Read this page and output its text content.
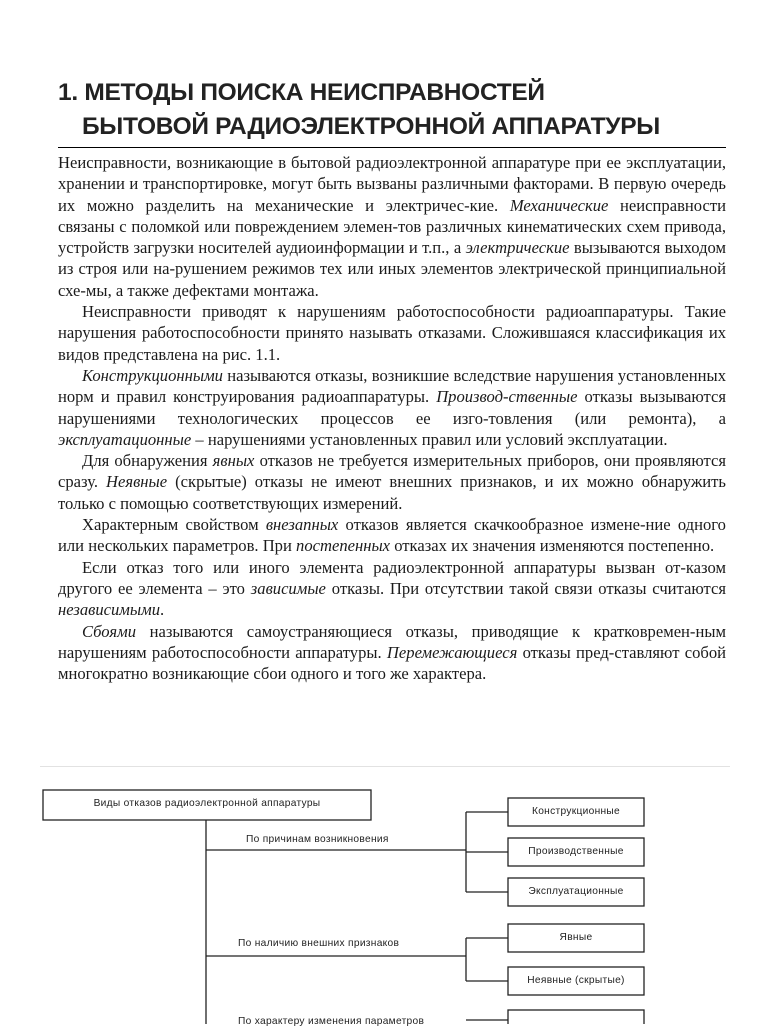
1. МЕТОДЫ ПОИСКА НЕИСПРАВНОСТЕЙ
БЫТОВОЙ РАДИОЭЛЕКТРОННОЙ АППАРАТУРЫ

Неисправности, возникающие в бытовой радиоэлектронной аппаратуре при ее эксплуатации, хранении и транспортировке, могут быть вызваны различными факторами. В первую очередь их можно разделить на механические и электричес-кие. Механические неисправности связаны с поломкой или повреждением элемен-тов различных кинематических схем привода, устройств загрузки носителей аудиоинформации и т.п., а электрические вызываются выходом из строя или на-рушением режимов тех или иных элементов электрической принципиальной схе-мы, а также дефектами монтажа.

Неисправности приводят к нарушениям работоспособности радиоаппаратуры. Такие нарушения работоспособности принято называть отказами. Сложившаяся классификация их видов представлена на рис. 1.1.

Конструкционными называются отказы, возникшие вследствие нарушения установленных норм и правил конструирования радиоаппаратуры. Производ-ственные отказы вызываются нарушениями технологических процессов ее изго-товления (или ремонта), а эксплуатационные – нарушениями установленных правил или условий эксплуатации.

Для обнаружения явных отказов не требуется измерительных приборов, они проявляются сразу. Неявные (скрытые) отказы не имеют внешних признаков, и их можно обнаружить только с помощью соответствующих измерений.

Характерным свойством внезапных отказов является скачкообразное измене-ние одного или нескольких параметров. При постепенных отказах их значения изменяются постепенно.

Если отказ того или иного элемента радиоэлектронной аппаратуры вызван от-казом другого ее элемента – это зависимые отказы. При отсутствии такой связи отказы считаются независимыми.

Сбоями называются самоустраняющиеся отказы, приводящие к кратковремен-ным нарушениям работоспособности аппаратуры. Перемежающиеся отказы пред-ставляют собой многократно возникающие сбои одного и того же характера.

Виды отказов радиоэлектронной аппаратуры
По причинам возникновения
По наличию внешних признаков
По характеру изменения параметров
Конструкционные
Производственные
Эксплуатационные
Явные
Неявные (скрытые)
